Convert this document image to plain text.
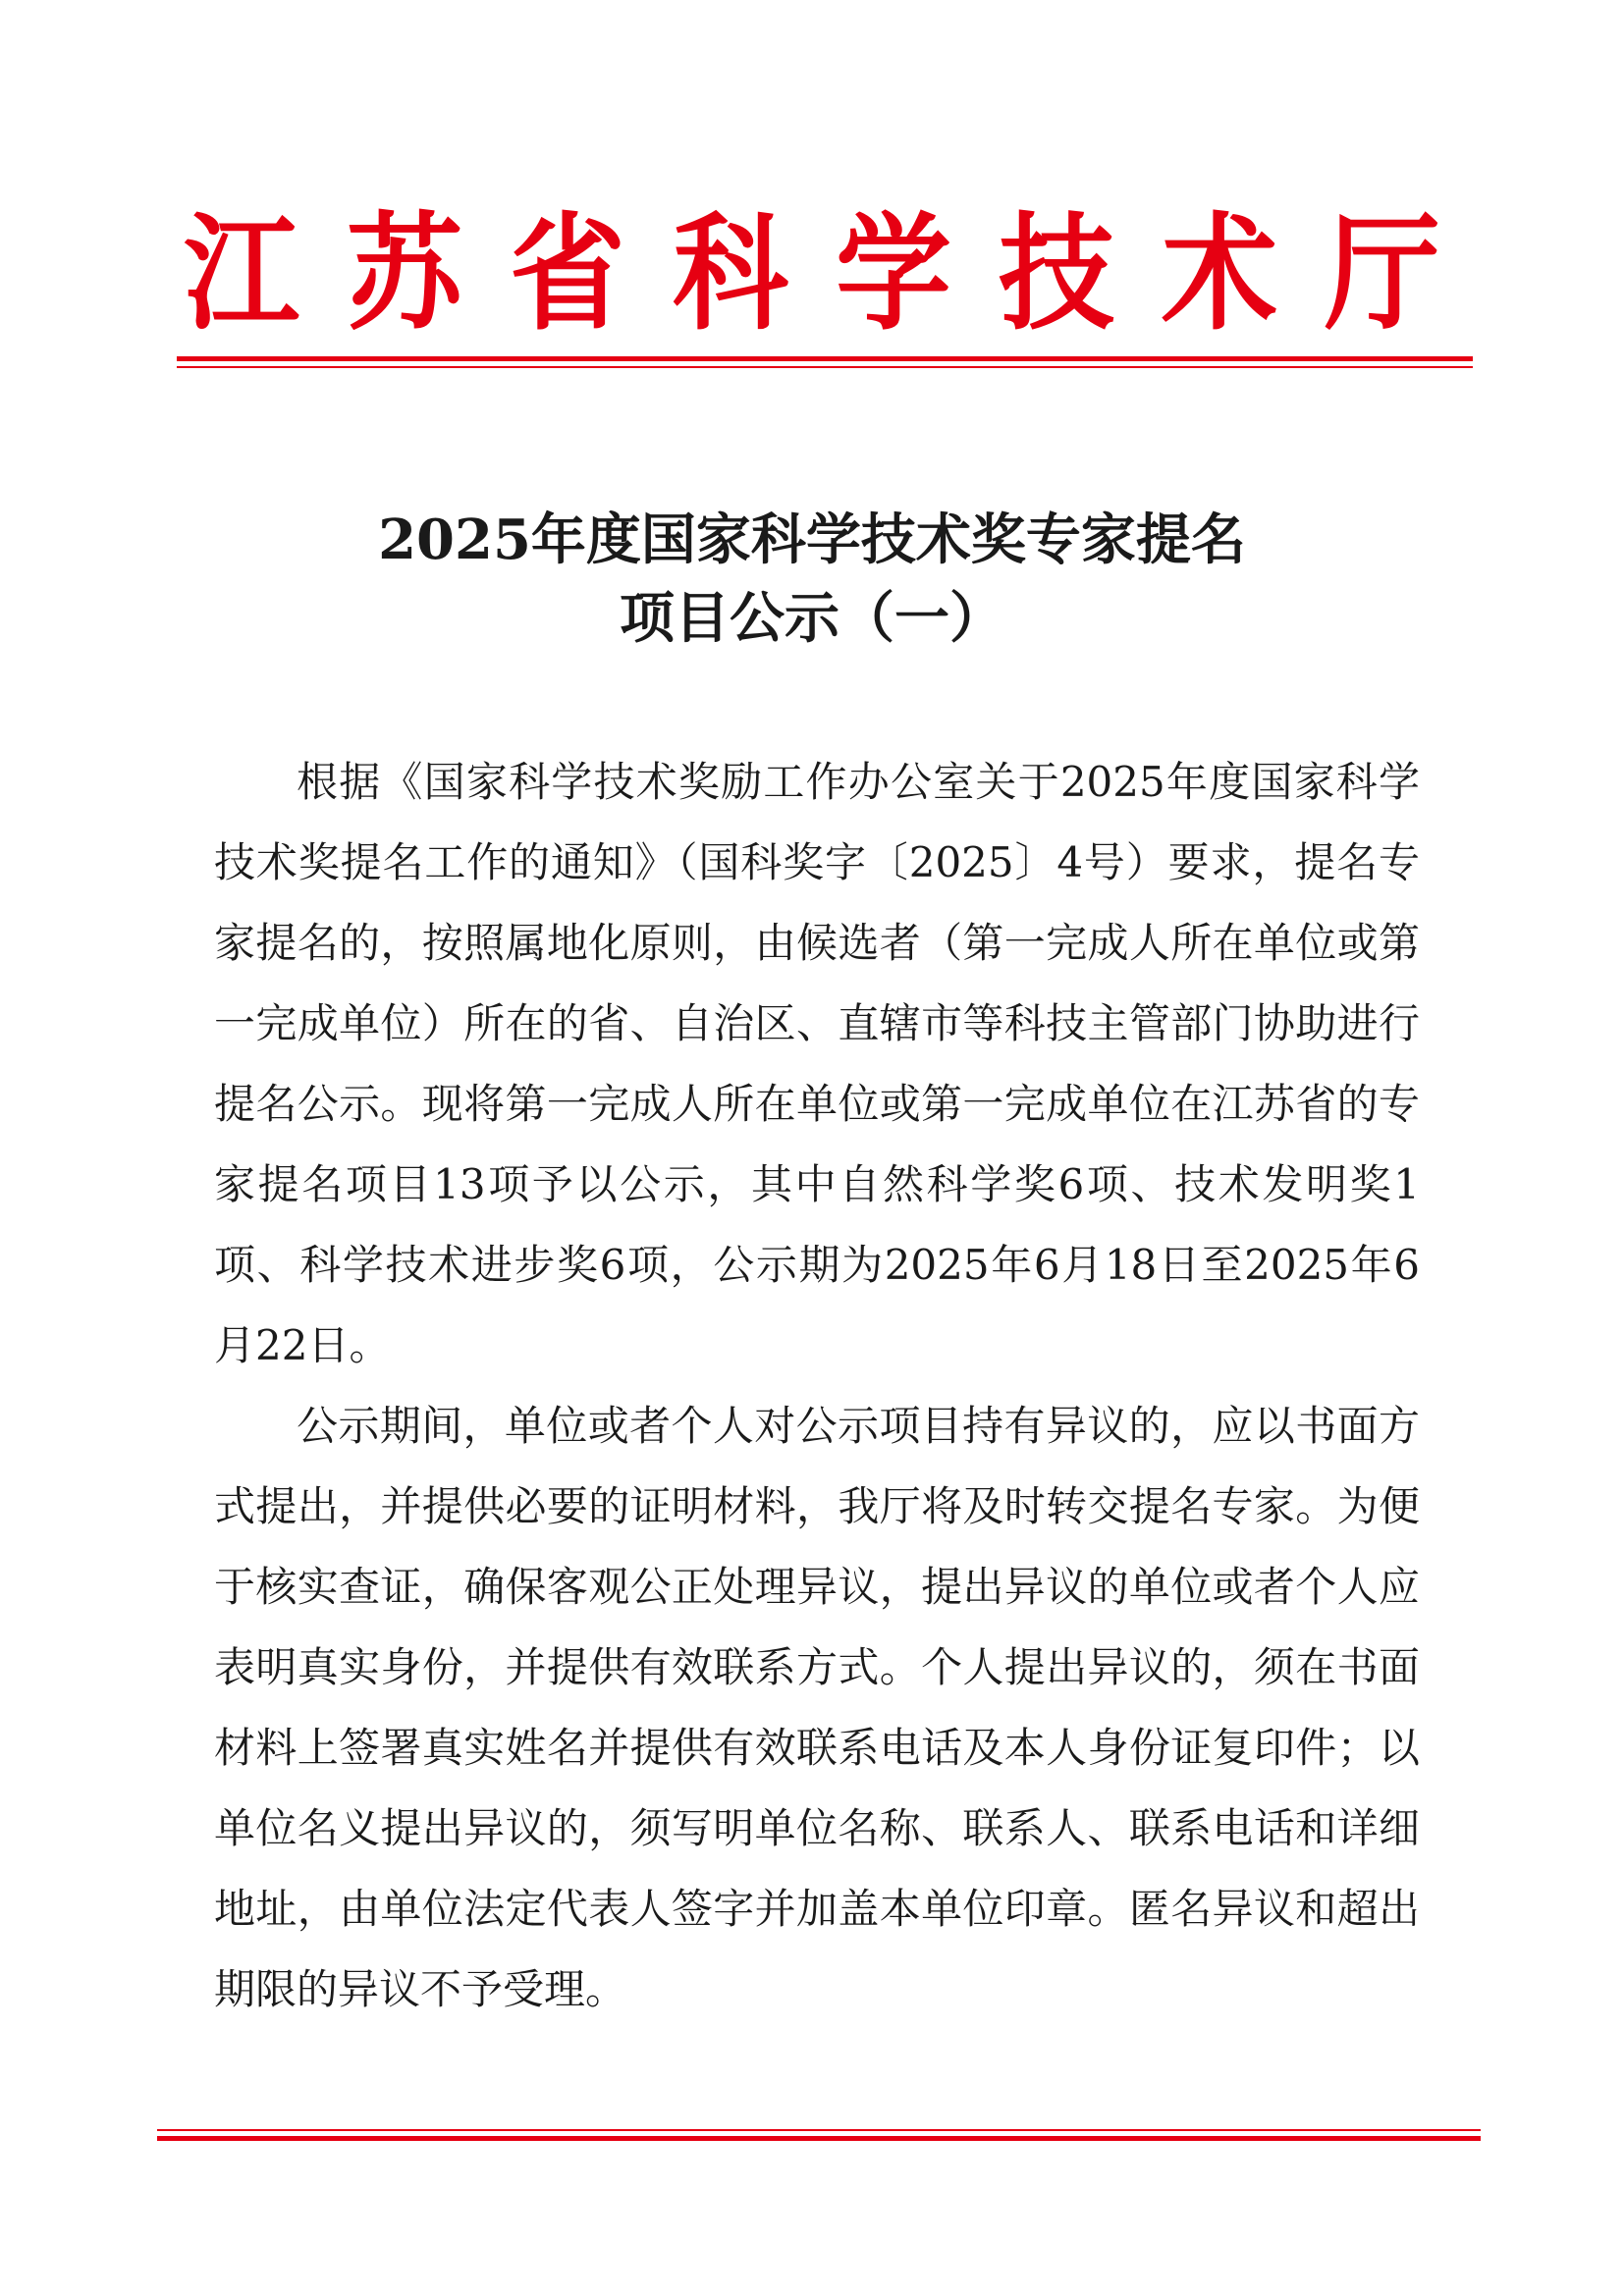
江 苏 省 科 学 技 术 厅
2025年度国家科学技术奖专家提名
项目公示（一）

根据《国家科学技术奖励工作办公室关于2025年度国家科学技术奖提名工作的通知》（国科奖字〔2025〕4号）要求，提名专家提名的，按照属地化原则，由候选者（第一完成人所在单位或第一完成单位）所在的省、自治区、直辖市等科技主管部门协助进行提名公示。现将第一完成人所在单位或第一完成单位在江苏省的专家提名项目13项予以公示，其中自然科学奖6项、技术发明奖1项、科学技术进步奖6项，公示期为2025年6月18日至2025年6月22日。

公示期间，单位或者个人对公示项目持有异议的，应以书面方式提出，并提供必要的证明材料，我厅将及时转交提名专家。为便于核实查证，确保客观公正处理异议，提出异议的单位或者个人应表明真实身份，并提供有效联系方式。个人提出异议的，须在书面材料上签署真实姓名并提供有效联系电话及本人身份证复印件；以单位名义提出异议的，须写明单位名称、联系人、联系电话和详细地址，由单位法定代表人签字并加盖本单位印章。匿名异议和超出期限的异议不予受理。
